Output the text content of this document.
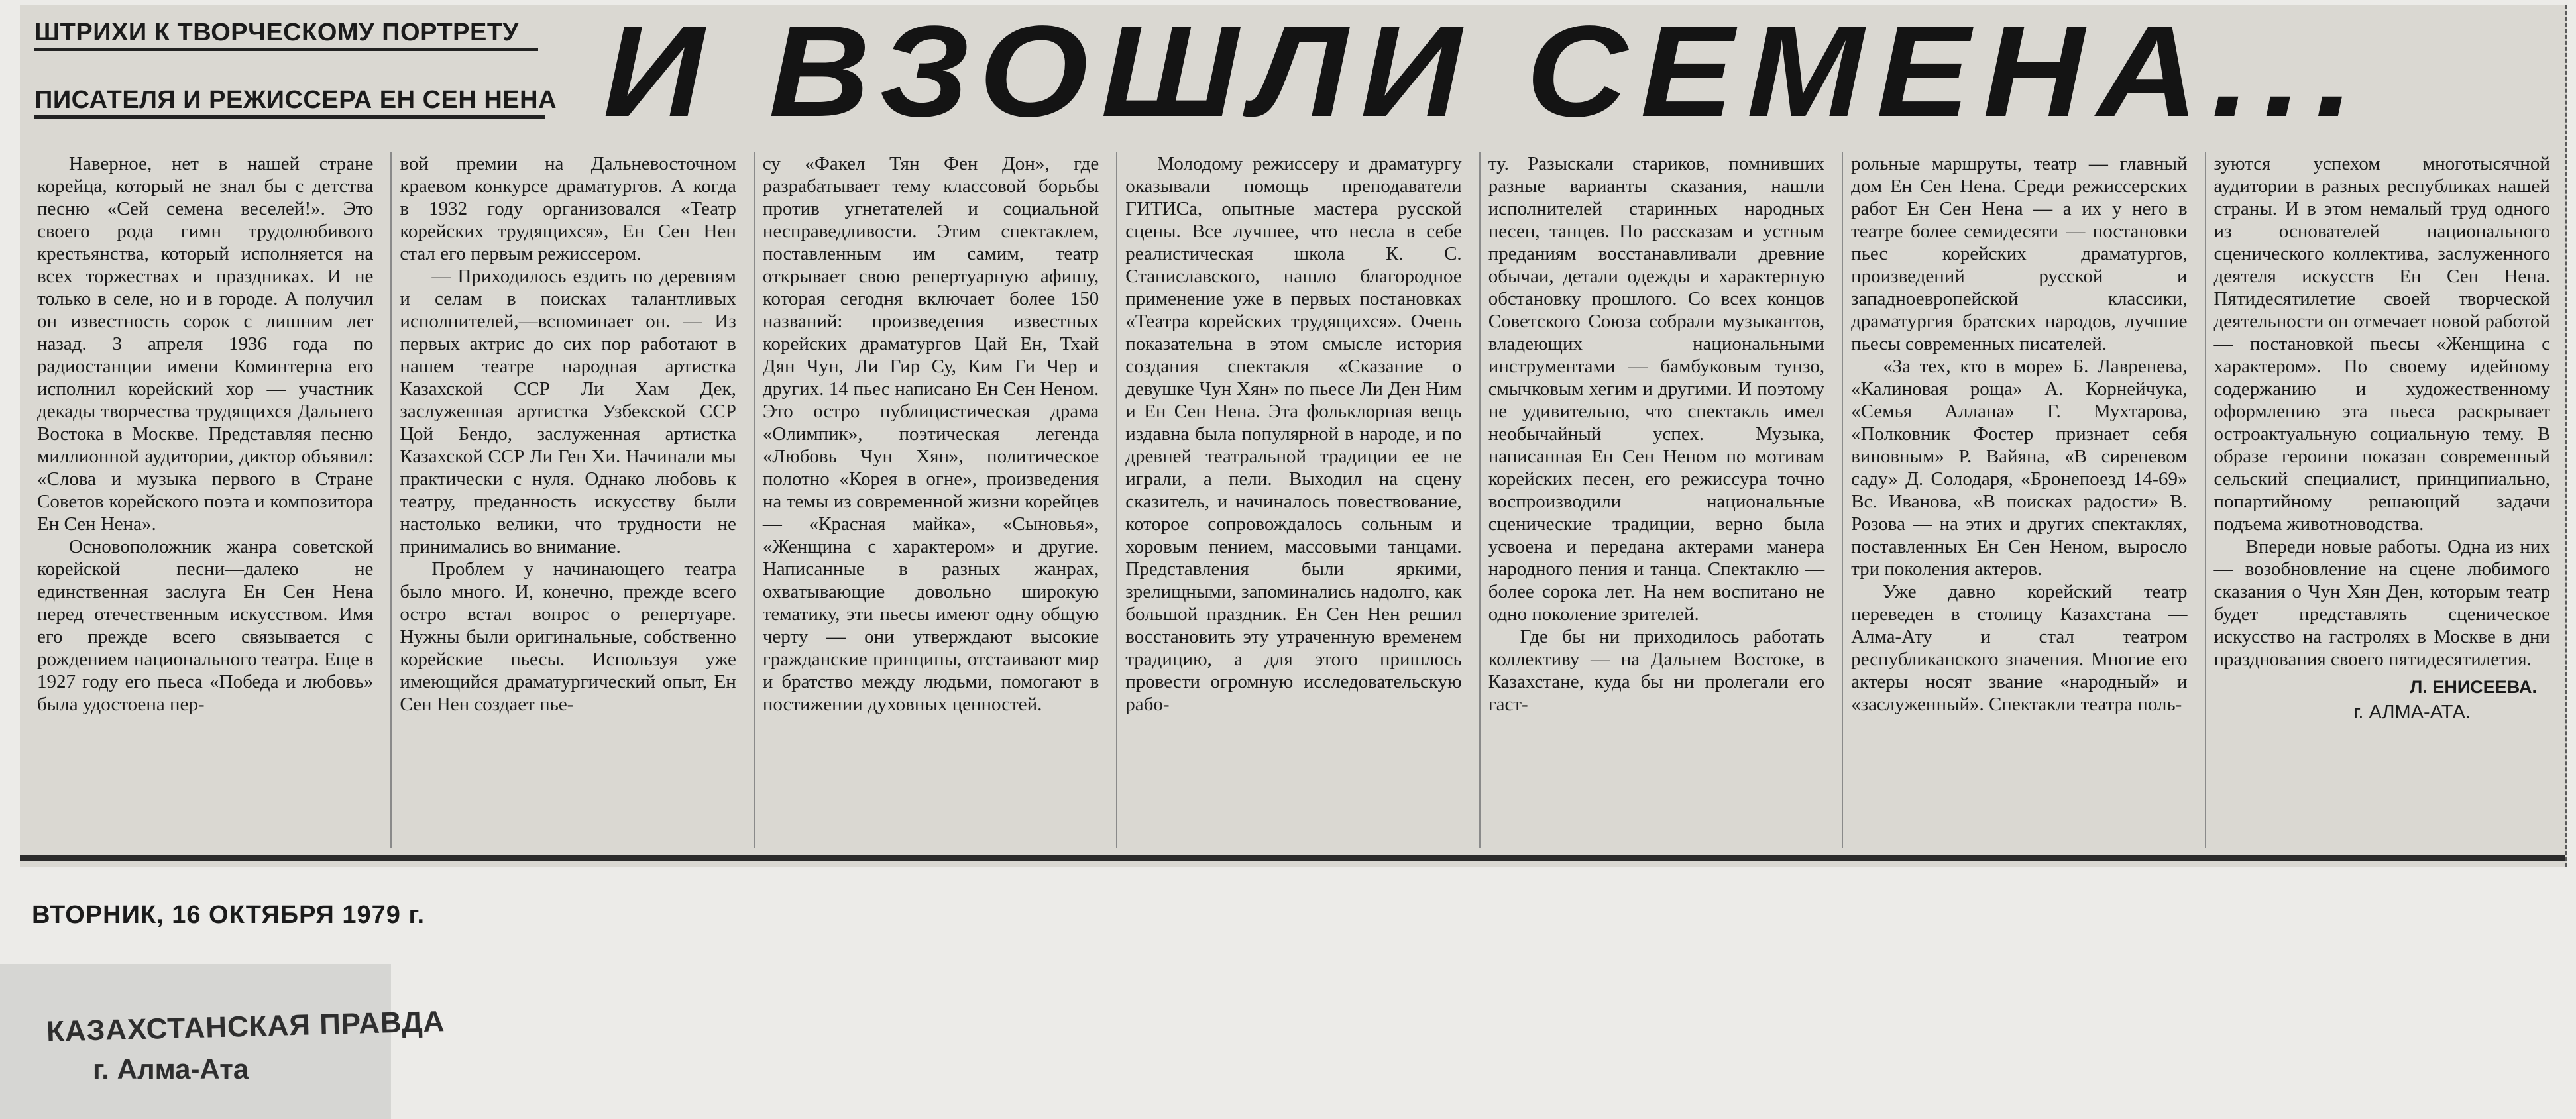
ШТРИХИ К ТВОРЧЕСКОМУ ПОРТРЕТУ
ПИСАТЕЛЯ И РЕЖИССЕРА ЕН СЕН НЕНА И ВЗОШЛИ СЕМЕНА...

Наверное, нет в нашей стране корейца, который не знал бы с детства песню «Сей семена веселей!». Это своего рода гимн трудолюбивого крестьянства, который исполняется на всех торжествах и праздниках. И не только в селе, но и в городе. А получил он известность сорок с лишним лет назад. 3 апреля 1936 года по радиостанции имени Коминтерна его исполнил корейский хор — участник декады творчества трудящихся Дальнего Востока в Москве. Представляя песню миллионной аудитории, диктор объявил: «Слова и музыка первого в Стране Советов корейского поэта и композитора Ен Сен Нена».

Основоположник жанра советской корейской песни—далеко не единственная заслуга Ен Сен Нена перед отечественным искусством. Имя его прежде всего связывается с рождением национального театра. Еще в 1927 году его пьеса «Победа и любовь» была удостоена пер-

вой премии на Дальневосточном краевом конкурсе драматургов. А когда в 1932 году организовался «Театр корейских трудящихся», Ен Сен Нен стал его первым режиссером.

— Приходилось ездить по деревням и селам в поисках талантливых исполнителей,—вспоминает он. — Из первых актрис до сих пор работают в нашем театре народная артистка Казахской ССР Ли Хам Дек, заслуженная артистка Узбекской ССР Цой Бендо, заслуженная артистка Казахской ССР Ли Ген Хи. Начинали мы практически с нуля. Однако любовь к театру, преданность искусству были настолько велики, что трудности не принимались во внимание.

Проблем у начинающего театра было много. И, конечно, прежде всего остро встал вопрос о репертуаре. Нужны были оригинальные, собственно корейские пьесы. Используя уже имеющийся драматургический опыт, Ен Сен Нен создает пье-

су «Факел Тян Фен Дон», где разрабатывает тему классовой борьбы против угнетателей и социальной несправедливости. Этим спектаклем, поставленным им самим, театр открывает свою репертуарную афишу, которая сегодня включает более 150 названий: произведения известных корейских драматургов Цай Ен, Тхай Дян Чун, Ли Гир Су, Ким Ги Чер и других. 14 пьес написано Ен Сен Неном. Это остро публицистическая драма «Олимпик», поэтическая легенда «Любовь Чун Хян», политическое полотно «Корея в огне», произведения на темы из современной жизни корейцев — «Красная майка», «Сыновья», «Женщина с характером» и другие. Написанные в разных жанрах, охватывающие довольно широкую тематику, эти пьесы имеют одну общую черту — они утверждают высокие гражданские принципы, отстаивают мир и братство между людьми, помогают в постижении духовных ценностей.

Молодому режиссеру и драматургу оказывали помощь преподаватели ГИТИСа, опытные мастера русской сцены. Все лучшее, что несла в себе реалистическая школа К. С. Станиславского, нашло благородное применение уже в первых постановках «Театра корейских трудящихся». Очень показательна в этом смысле история создания спектакля «Сказание о девушке Чун Хян» по пьесе Ли Ден Ним и Ен Сен Нена. Эта фольклорная вещь издавна была популярной в народе, и по древней театральной традиции ее не играли, а пели. Выходил на сцену сказитель, и начиналось повествование, которое сопровождалось сольным и хоровым пением, массовыми танцами. Представления были яркими, зрелищными, запоминались надолго, как большой праздник. Ен Сен Нен решил восстановить эту утраченную временем традицию, а для этого пришлось провести огромную исследовательскую рабо-

ту. Разыскали стариков, помнивших разные варианты сказания, нашли исполнителей старинных народных песен, танцев. По рассказам и устным преданиям восстанавливали древние обычаи, детали одежды и характерную обстановку прошлого. Со всех концов Советского Союза собрали музыкантов, владеющих национальными инструментами — бамбуковым тунзо, смычковым хегим и другими. И поэтому не удивительно, что спектакль имел необычайный успех. Музыка, написанная Ен Сен Неном по мотивам корейских песен, его режиссура точно воспроизводили национальные сценические традиции, верно была усвоена и передана актерами манера народного пения и танца. Спектаклю — более сорока лет. На нем воспитано не одно поколение зрителей.

Где бы ни приходилось работать коллективу — на Дальнем Востоке, в Казахстане, куда бы ни пролегали его гаст-

рольные маршруты, театр — главный дом Ен Сен Нена. Среди режиссерских работ Ен Сен Нена — а их у него в театре более семидесяти — постановки пьес корейских драматургов, произведений русской и западноевропейской классики, драматургия братских народов, лучшие пьесы современных писателей.

«За тех, кто в море» Б. Лавренева, «Калиновая роща» А. Корнейчука, «Семья Аллана» Г. Мухтарова, «Полковник Фостер признает себя виновным» Р. Вайяна, «В сиреневом саду» Д. Солодаря, «Бронепоезд 14-69» Вс. Иванова, «В поисках радости» В. Розова — на этих и других спектаклях, поставленных Ен Сен Неном, выросло три поколения актеров.

Уже давно корейский театр переведен в столицу Казахстана — Алма-Ату и стал театром республиканского значения. Многие его актеры носят звание «народный» и «заслуженный». Спектакли театра поль-

зуются успехом многотысячной аудитории в разных республиках нашей страны. И в этом немалый труд одного из основателей национального сценического коллектива, заслуженного деятеля искусств Ен Сен Нена. Пятидесятилетие своей творческой деятельности он отмечает новой работой — постановкой пьесы «Женщина с характером». По своему идейному содержанию и художественному оформлению эта пьеса раскрывает остроактуальную социальную тему. В образе героини показан современный сельский специалист, принципиально, попартийному решающий задачи подъема животноводства.

Впереди новые работы. Одна из них — возобновление на сцене любимого сказания о Чун Хян Ден, которым театр будет представлять сценическое искусство на гастролях в Москве в дни празднования своего пятидесятилетия.

Л. ЕНИСЕЕВА.
г. АЛМА-АТА.
ВТОРНИК, 16 ОКТЯБРЯ 1979 г.
КАЗАХСТАНСКАЯ ПРАВДА
г. Алма-Ата
